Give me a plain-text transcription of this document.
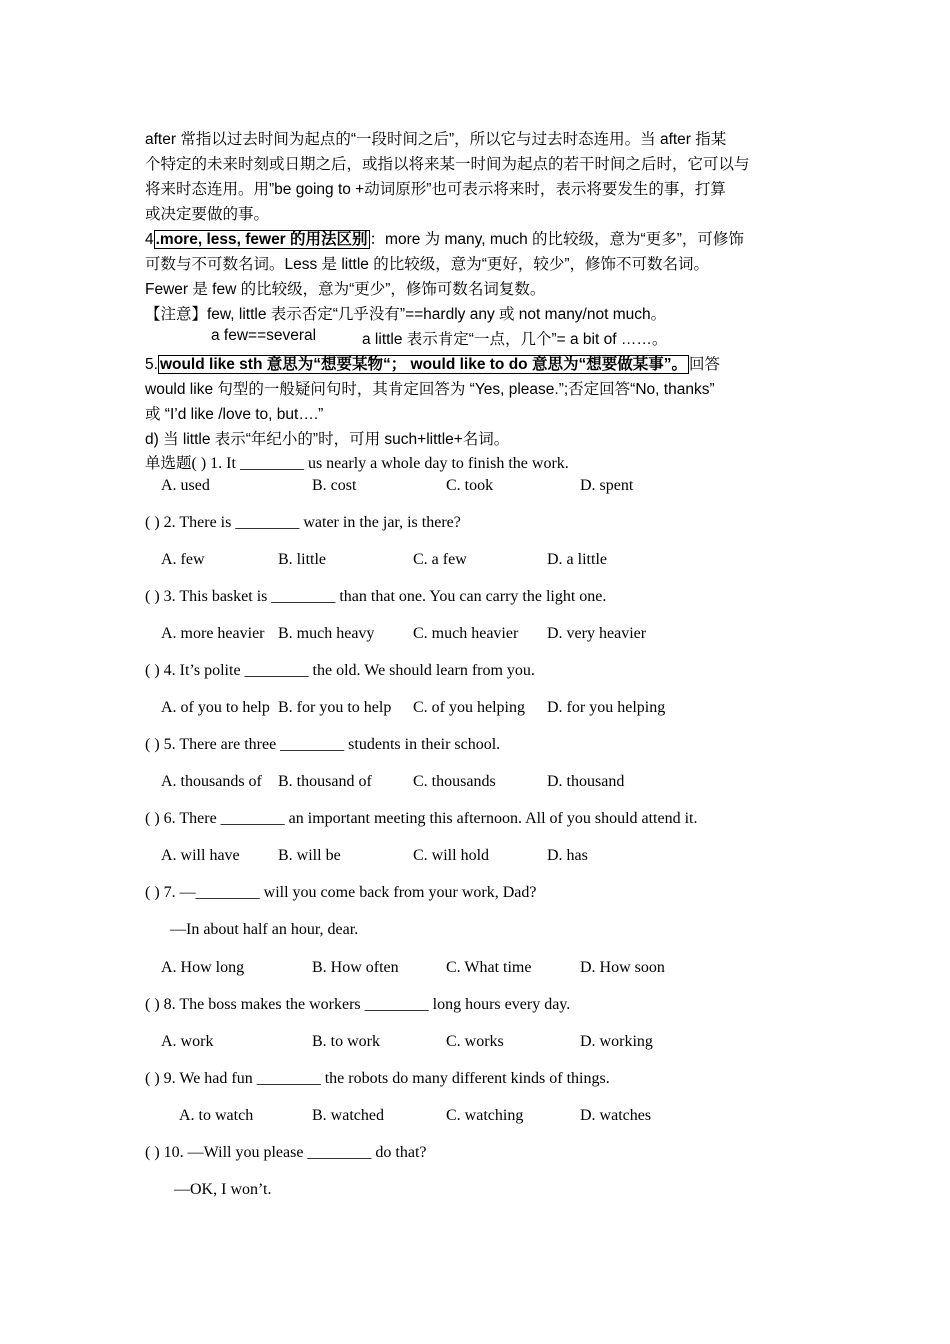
after 常指以过去时间为起点的“一段时间之后”，所以它与过去时态连用。当 after 指某
个特定的未来时刻或日期之后，或指以将来某一时间为起点的若干时间之后时，它可以与
将来时态连用。用”be going to +动词原形”也可表示将来时，表示将要发生的事，打算
或决定要做的事。
4 .more, less, fewer 的用法区别 ：more 为 many, much 的比较级，意为“更多”，可修饰
可数与不可数名词。Less 是 little 的比较级，意为“更好，较少”，修饰不可数名词。
Fewer 是 few 的比较级，意为“更少”，修饰可数名词复数。
【注意】few, little 表示否定“几乎没有”==hardly any 或 not many/not much。
a few==several	a little 表示肯定“一点，几个”= a bit of ……。
5. would like sth 意思为“想要某物“； would like to do 意思为“想要做某事”。 回答
would like 句型的一般疑问句时，其肯定回答为 “Yes, please.”;否定回答“No, thanks”
或 “I’d like /love to, but….”
d) 当 little 表示“年纪小的”时，可用 such+little+名词。
单选题( ) 1. It ________ us nearly a whole day to finish the work.
A. used	B. cost	C. took	D. spent
( ) 2. There is ________ water in the jar, is there?
A. few	B. little	C. a few	D. a little
( ) 3. This basket is ________ than that one. You can carry the light one.
A. more heavier B. much heavy C. much heavier D. very heavier
( ) 4. It’s polite ________ the old. We should learn from you.
A. of you to help B. for you to help C. of you helping D. for you helping
( ) 5. There are three ________ students in their school.
A. thousands of B. thousand of	C. thousands	D. thousand
( ) 6. There ________ an important meeting this afternoon. All of you should attend it.
A. will have B. will be	C. will hold	D. has
( ) 7. —________ will you come back from your work, Dad?
—In about half an hour, dear.
A. How long	B. How often	C. What time	D. How soon
( ) 8. The boss makes the workers ________ long hours every day.
A. work	B. to work	C. works	D. working
( ) 9. We had fun ________ the robots do many different kinds of things.
A. to watch	B. watched	C. watching	D. watches
( ) 10. —Will you please ________ do that?
—OK, I won’t.
